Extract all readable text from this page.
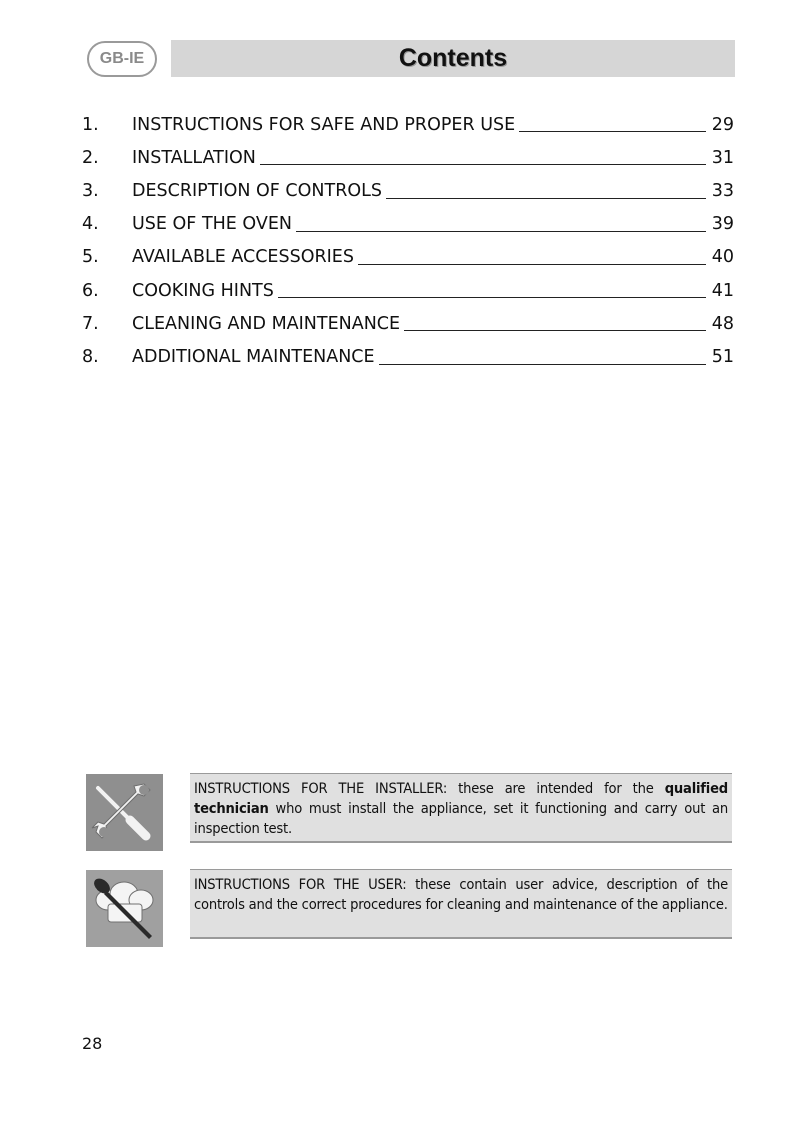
GB-IE	Contents
1.	INSTRUCTIONS FOR SAFE AND PROPER USE	29
2.	INSTALLATION	31
3.	DESCRIPTION OF CONTROLS	33
4.	USE OF THE OVEN	39
5.	AVAILABLE ACCESSORIES	40
6.	COOKING HINTS	41
7.	CLEANING AND MAINTENANCE	48
8.	ADDITIONAL MAINTENANCE	51
INSTRUCTIONS FOR THE INSTALLER: these are intended for the qualified technician who must install the appliance, set it functioning and carry out an inspection test.
INSTRUCTIONS FOR THE USER: these contain user advice, description of the controls and the correct procedures for cleaning and maintenance of the appliance.
28
